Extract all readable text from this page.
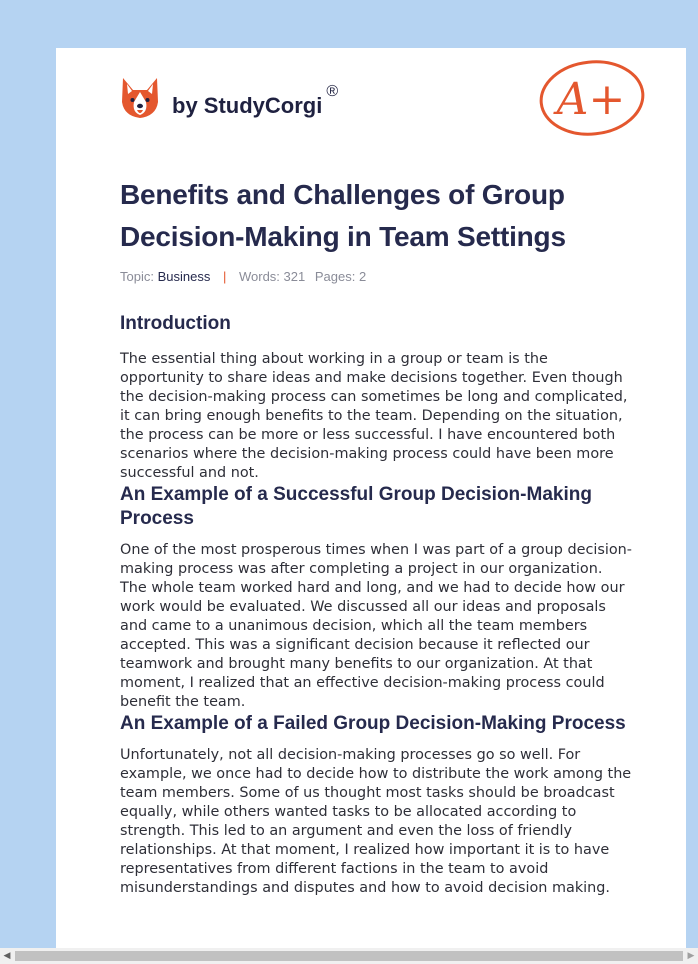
by StudyCorgi
®	A+
Benefits and Challenges of Group Decision-Making in Team Settings
Topic: Business | Words: 321 Pages: 2
Introduction

The essential thing about working in a group or team is the opportunity to share ideas and make decisions together. Even though the decision-making process can sometimes be long and complicated, it can bring enough benefits to the team. Depending on the situation, the process can be more or less successful. I have encountered both scenarios where the decision-making process could have been more successful and not.

An Example of a Successful Group Decision-Making Process

One of the most prosperous times when I was part of a group decision-making process was after completing a project in our organization. The whole team worked hard and long, and we had to decide how our work would be evaluated. We discussed all our ideas and proposals and came to a unanimous decision, which all the team members accepted. This was a significant decision because it reflected our teamwork and brought many benefits to our organization. At that moment, I realized that an effective decision-making process could benefit the team.

An Example of a Failed Group Decision-Making Process

Unfortunately, not all decision-making processes go so well. For example, we once had to decide how to distribute the work among the team members. Some of us thought most tasks should be broadcast equally, while others wanted tasks to be allocated according to strength. This led to an argument and even the loss of friendly relationships. At that moment, I realized how important it is to have representatives from different factions in the team to avoid misunderstandings and disputes and how to avoid decision making.

◀	▶
